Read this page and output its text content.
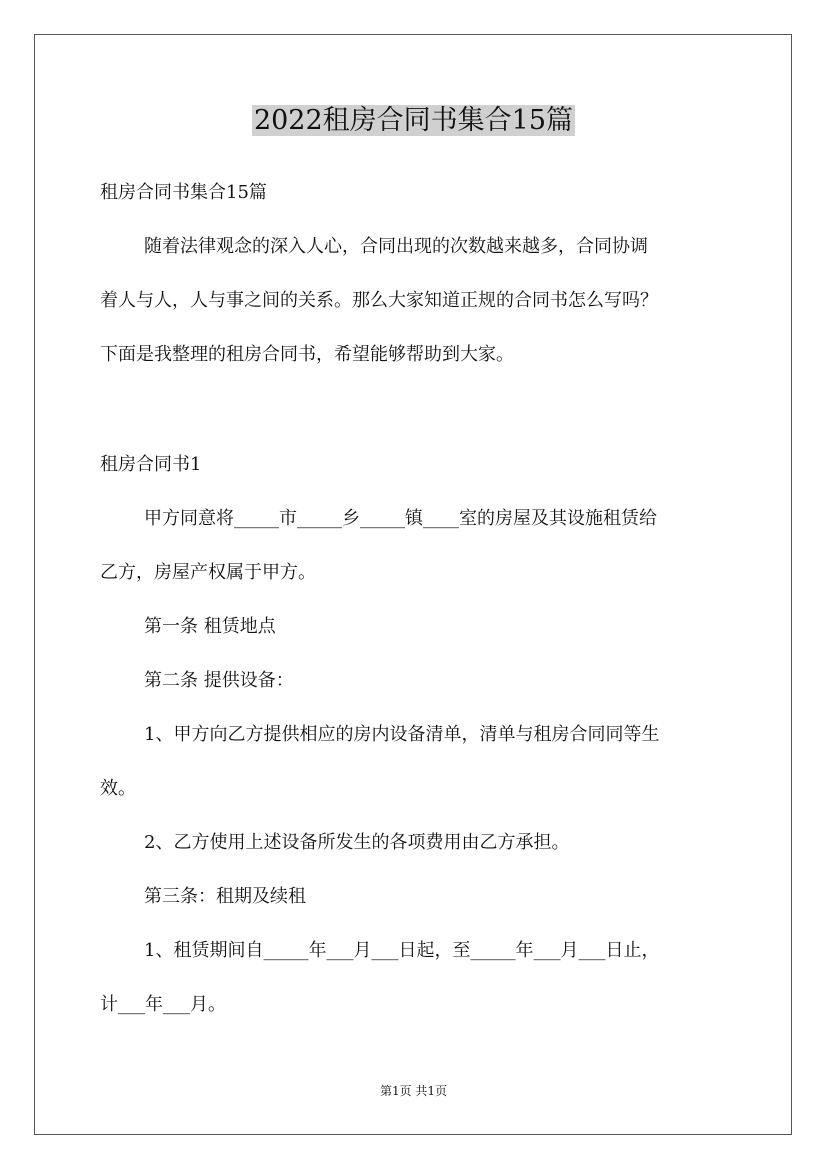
2022租房合同书集合15篇

租房合同书集合15篇

随着法律观念的深入人心，合同出现的次数越来越多，合同协调

着人与人，人与事之间的关系。那么大家知道正规的合同书怎么写吗？

下面是我整理的租房合同书，希望能够帮助到大家。

租房合同书1

甲方同意将_____市_____乡_____镇____室的房屋及其设施租赁给

乙方，房屋产权属于甲方。

第一条 租赁地点

第二条 提供设备：

1、甲方向乙方提供相应的房内设备清单，清单与租房合同同等生

效。

2、乙方使用上述设备所发生的各项费用由乙方承担。

第三条：租期及续租

1、租赁期间自_____年___月___日起，至_____年___月___日止，

计___年___月。

第1页 共1页
